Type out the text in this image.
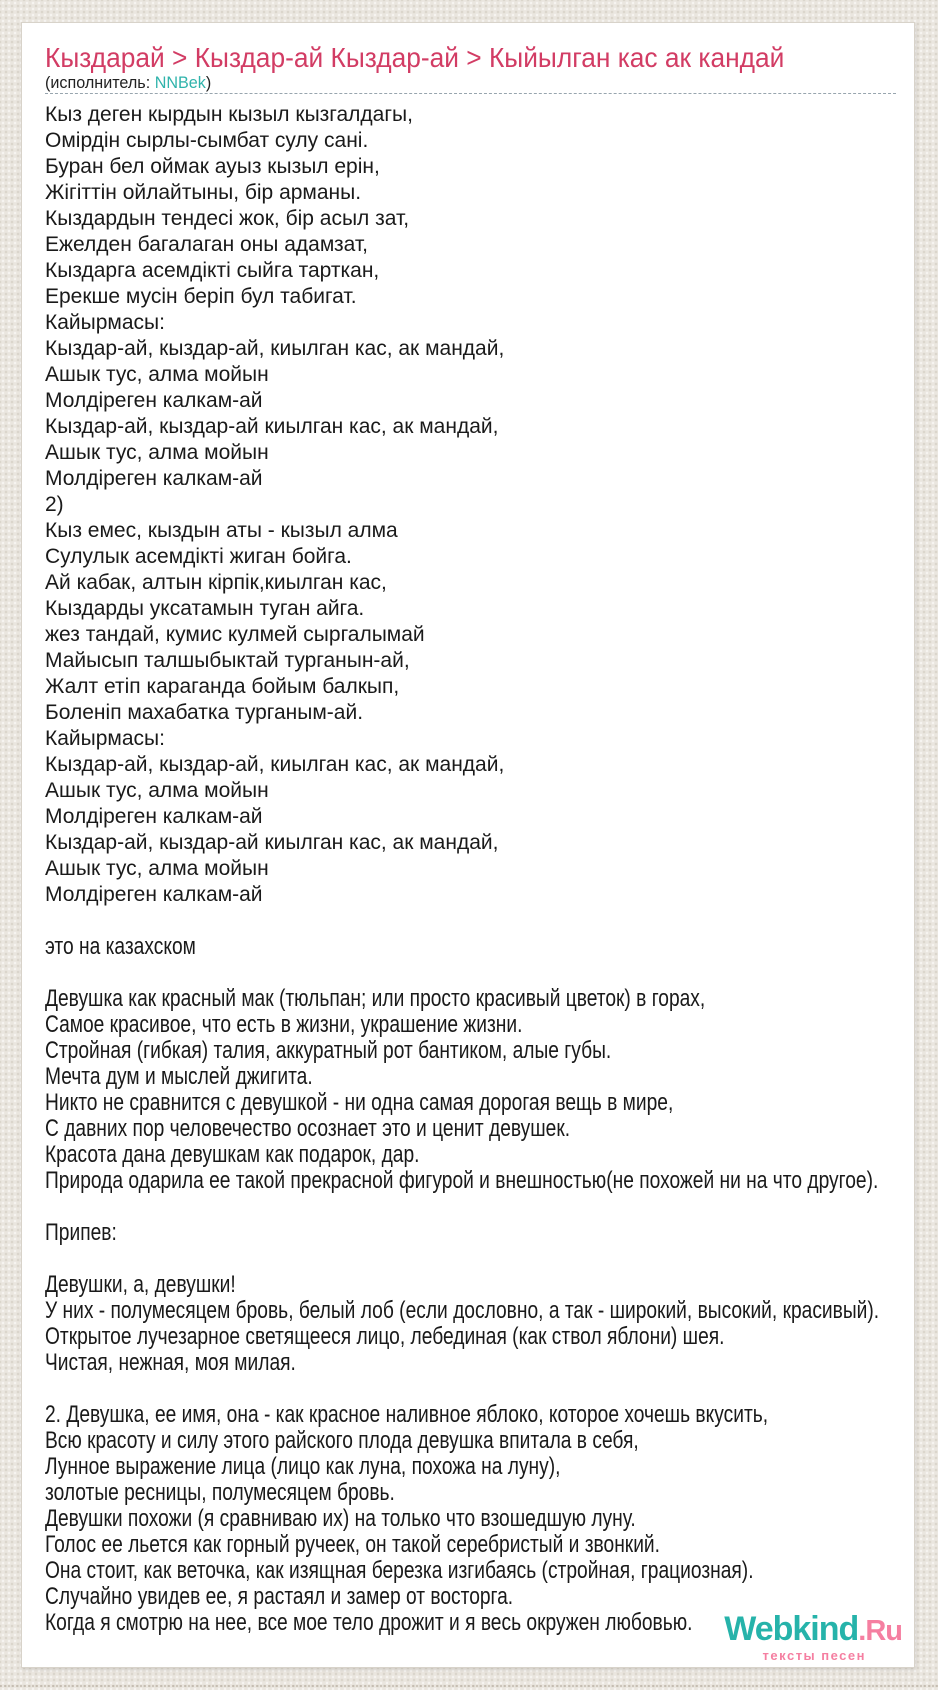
Кыздарай > Кыздар-ай Кыздар-ай > Кыйылган кас ак кандай
(исполнитель: NNBek)
Кыз деген кырдын кызыл кызгалдагы,
Омірдін сырлы-сымбат сулу сані.
Буран бел оймак ауыз кызыл ерін,
Жігіттін ойлайтыны, бір арманы.
Кыздардын тендесі жок, бір асыл зат,
Ежелден багалаган оны адамзат,
Кыздарга асемдікті сыйга тарткан,
Ерекше мусін беріп бул табигат.
Кайырмасы:
Кыздар-ай, кыздар-ай, киылган кас, ак мандай,
Ашык тус, алма мойын
Молдіреген калкам-ай
Кыздар-ай, кыздар-ай киылган кас, ак мандай,
Ашык тус, алма мойын
Молдіреген калкам-ай
2)
Кыз емес, кыздын аты - кызыл алма
Сулулык асемдікті жиган бойга.
Ай кабак, алтын кірпік,киылган кас,
Кыздарды уксатамын туган айга.
жез тандай, кумис кулмей сыргалымай
Майысып талшыбыктай турганын-ай,
Жалт етіп караганда бойым балкып,
Боленіп махабатка турганым-ай.
Кайырмасы:
Кыздар-ай, кыздар-ай, киылган кас, ак мандай,
Ашык тус, алма мойын
Молдіреген калкам-ай
Кыздар-ай, кыздар-ай киылган кас, ак мандай,
Ашык тус, алма мойын
Молдіреген калкам-ай
это на казахском
Девушка как красный мак (тюльпан; или просто красивый цветок) в горах,
Самое красивое, что есть в жизни, украшение жизни.
Стройная (гибкая) талия, аккуратный рот бантиком, алые губы.
Мечта дум и мыслей джигита.
Никто не сравнится с девушкой - ни одна самая дорогая вещь в мире,
С давних пор человечество осознает это и ценит девушек.
Красота дана девушкам как подарок, дар.
Природа одарила ее такой прекрасной фигурой и внешностью(не похожей ни на что другое).
Припев:
Девушки, а, девушки!
У них - полумесяцем бровь, белый лоб (если дословно, а так - широкий, высокий, красивый).
Открытое лучезарное светящееся лицо, лебединая (как ствол яблони) шея.
Чистая, нежная, моя милая.
2. Девушка, ее имя, она - как красное наливное яблоко, которое хочешь вкусить,
Всю красоту и силу этого райского плода девушка впитала в себя,
Лунное выражение лица (лицо как луна, похожа на луну),
золотые ресницы, полумесяцем бровь.
Девушки похожи (я сравниваю их) на только что взошедшую луну.
Голос ее льется как горный ручеек, он такой серебристый и звонкий.
Она стоит, как веточка, как изящная березка изгибаясь (стройная, грациозная).
Случайно увидев ее, я растаял и замер от восторга.
Когда я смотрю на нее, все мое тело дрожит и я весь окружен любовью. Webkind.Ru
тексты песен
